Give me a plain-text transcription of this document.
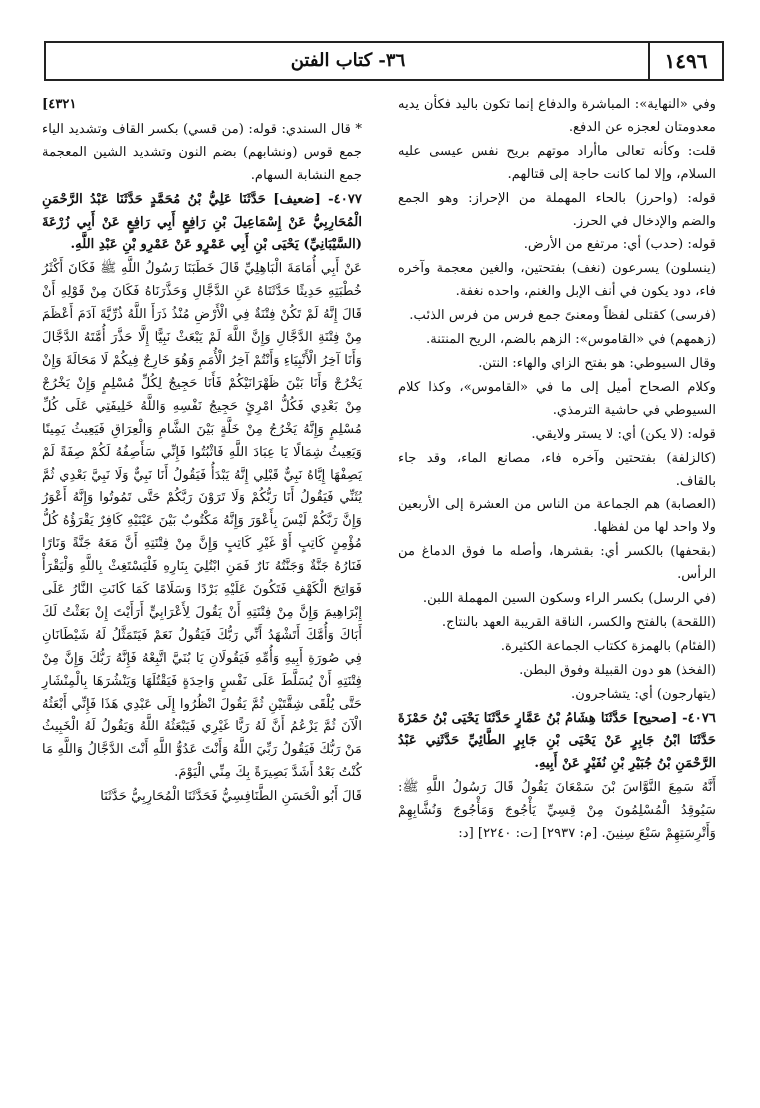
١٤٩٦
٣٦- كتاب الفتن

وفي «النهاية»: المباشرة والدفاع إنما تكون باليد فكأن يديه معدومتان لعجزه عن الدفع.

قلت: وكأنه تعالى ماأراد موتهم بريح نفس عيسى عليه السلام، وإلا لما كانت حاجة إلى قتالهم.

قوله: (واحرز) بالحاء المهملة من الإحراز: وهو الجمع والضم والإدخال في الحرز.

قوله: (حدب) أي: مرتفع من الأرض.

(ينسلون) يسرعون (نغف) بفتحتين، والغين معجمة وآخره فاء، دود يكون في أنف الإبل والغنم، واحده نغفة.

(فرسى) كقتلى لفظاً ومعنىً جمع فرس من فرس الذئب.

(زهمهم) في «القاموس»: الزهم بالضم، الريح المنتنة.

وقال السيوطي: هو بفتح الزاي والهاء: النتن.

وكلام الصحاح أميل إلى ما في «القاموس»، وكذا كلام السيوطي في حاشية الترمذي.

قوله: (لا يكن) أي: لا يستر ولايقي.

(كالزلفة) بفتحتين وآخره فاء، مصانع الماء، وقد جاء بالقاف.

(العصابة) هم الجماعة من الناس من العشرة إلى الأربعين ولا واحد لها من لفظها.

(بقحفها) بالكسر أي: بقشرها، وأصله ما فوق الدماغ من الرأس.

(في الرسل) بكسر الراء وسكون السين المهملة اللبن.

(اللقحة) بالفتح والكسر، الناقة القريبة العهد بالنتاج.

(الفئام) بالهمزة ككتاب الجماعة الكثيرة.

(الفخذ) هو دون القبيلة وفوق البطن.

(يتهارجون) أي: يتشاجرون.

٤٠٧٦- [صحيح] حَدَّثَنَا هِشَامُ بْنُ عَمَّارٍ حَدَّثَنَا يَحْيَى بْنُ حَمْزَةَ حَدَّثَنَا ابْنُ جَابِرٍ عَنْ يَحْيَى بْنِ جَابِرٍ الطَّائِيِّ حَدَّثَنِي عَبْدُ الرَّحْمَنِ بْنُ جُبَيْرِ بْنِ نُفَيْرٍ عَنْ أَبِيهِ.

أَنَّهُ سَمِعَ النَّوَّاسَ بْنَ سَمْعَانَ يَقُولُ قَالَ رَسُولُ اللَّهِ ﷺ: سَيُوقِدُ الْمُسْلِمُونَ مِنْ قِسِيِّ يَأْجُوجَ وَمَأْجُوجَ وَنُشَّابِهِمْ وَأَتْرِسَتِهِمْ سَبْعَ سِنِينَ. [م: ٢٩٣٧] [ت: ٢٢٤٠] [د:

٤٣٢١]

* قال السندي: قوله: (من قسي) بكسر القاف وتشديد الياء جمع قوس (ونشابهم) بضم النون وتشديد الشين المعجمة جمع النشابة السهام.

٤٠٧٧- [ضعيف] حَدَّثَنَا عَلِيُّ بْنُ مُحَمَّدٍ حَدَّثَنَا عَبْدُ الرَّحْمَنِ الْمُحَارِبِيُّ عَنْ إِسْمَاعِيلَ بْنِ رَافِعٍ أَبِي رَافِعٍ عَنْ أَبِي زُرْعَةَ (السَّيْبَانِيِّ) يَحْيَى بْنِ أَبِي عَمْرٍو عَنْ عَمْرِو بْنِ عَبْدِ اللَّهِ.

عَنْ أَبِي أُمَامَةَ الْبَاهِلِيِّ قَالَ خَطَبَنَا رَسُولُ اللَّهِ ﷺ فَكَانَ أَكْثَرُ خُطْبَتِهِ حَدِيثًا حَدَّثَنَاهُ عَنِ الدَّجَّالِ وَحَذَّرَنَاهُ فَكَانَ مِنْ قَوْلِهِ أَنْ قَالَ إِنَّهُ لَمْ تَكُنْ فِتْنَةٌ فِي الْأَرْضِ مُنْذُ ذَرَأَ اللَّهُ ذُرِّيَّةَ آدَمَ أَعْظَمَ مِنْ فِتْنَةِ الدَّجَّالِ وَإِنَّ اللَّهَ لَمْ يَبْعَثْ نَبِيًّا إِلَّا حَذَّرَ أُمَّتَهُ الدَّجَّالَ وَأَنَا آخِرُ الْأَنْبِيَاءِ وَأَنْتُمْ آخِرُ الْأُمَمِ وَهُوَ خَارِجٌ فِيكُمْ لَا مَحَالَةَ وَإِنْ يَخْرُجْ وَأَنَا بَيْنَ ظَهْرَانَيْكُمْ فَأَنَا حَجِيجٌ لِكُلِّ مُسْلِمٍ وَإِنْ يَخْرُجْ مِنْ بَعْدِي فَكُلُّ امْرِئٍ حَجِيجُ نَفْسِهِ وَاللَّهُ خَلِيفَتِي عَلَى كُلِّ مُسْلِمٍ وَإِنَّهُ يَخْرُجُ مِنْ خَلَّةٍ بَيْنَ الشَّامِ وَالْعِرَاقِ فَيَعِيثُ يَمِينًا وَيَعِيثُ شِمَالًا يَا عِبَادَ اللَّهِ فَاثْبُتُوا فَإِنِّي سَأَصِفُهُ لَكُمْ صِفَةً لَمْ يَصِفْهَا إِيَّاهُ نَبِيٌّ قَبْلِي إِنَّهُ يَبْدَأُ فَيَقُولُ أَنَا نَبِيٌّ وَلَا نَبِيَّ بَعْدِي ثُمَّ يُثَنِّي فَيَقُولُ أَنَا رَبُّكُمْ وَلَا تَرَوْنَ رَبَّكُمْ حَتَّى تَمُوتُوا وَإِنَّهُ أَعْوَرُ وَإِنَّ رَبَّكُمْ لَيْسَ بِأَعْوَرَ وَإِنَّهُ مَكْتُوبٌ بَيْنَ عَيْنَيْهِ كَافِرٌ يَقْرَؤُهُ كُلُّ مُؤْمِنٍ كَاتِبٍ أَوْ غَيْرِ كَاتِبٍ وَإِنَّ مِنْ فِتْنَتِهِ أَنَّ مَعَهُ جَنَّةً وَنَارًا فَنَارُهُ جَنَّةٌ وَجَنَّتُهُ نَارٌ فَمَنِ ابْتُلِيَ بِنَارِهِ فَلْيَسْتَغِثْ بِاللَّهِ وَلْيَقْرَأْ فَوَاتِحَ الْكَهْفِ فَتَكُونَ عَلَيْهِ بَرْدًا وَسَلَامًا كَمَا كَانَتِ النَّارُ عَلَى إِبْرَاهِيمَ وَإِنَّ مِنْ فِتْنَتِهِ أَنْ يَقُولَ لِأَعْرَابِيٍّ أَرَأَيْتَ إِنْ بَعَثْتُ لَكَ أَبَاكَ وَأُمَّكَ أَتَشْهَدُ أَنِّي رَبُّكَ فَيَقُولُ نَعَمْ فَيَتَمَثَّلُ لَهُ شَيْطَانَانِ فِي صُورَةِ أَبِيهِ وَأُمِّهِ فَيَقُولَانِ يَا بُنَيَّ اتَّبِعْهُ فَإِنَّهُ رَبُّكَ وَإِنَّ مِنْ فِتْنَتِهِ أَنْ يُسَلَّطَ عَلَى نَفْسٍ وَاحِدَةٍ فَيَقْتُلَهَا وَيَنْشُرَهَا بِالْمِنْشَارِ حَتَّى يُلْقَى شِقَّتَيْنِ ثُمَّ يَقُولَ انْظُرُوا إِلَى عَبْدِي هَذَا فَإِنِّي أَبْعَثُهُ الْآنَ ثُمَّ يَزْعُمُ أَنَّ لَهُ رَبًّا غَيْرِي فَيَبْعَثُهُ اللَّهُ وَيَقُولُ لَهُ الْخَبِيثُ مَنْ رَبُّكَ فَيَقُولُ رَبِّيَ اللَّهُ وَأَنْتَ عَدُوُّ اللَّهِ أَنْتَ الدَّجَّالُ وَاللَّهِ مَا كُنْتُ بَعْدُ أَشَدَّ بَصِيرَةً بِكَ مِنِّي الْيَوْمَ.

قَالَ أَبُو الْحَسَنِ الطَّنَافِسِيُّ فَحَدَّثَنَا الْمُحَارِبِيُّ حَدَّثَنَا
